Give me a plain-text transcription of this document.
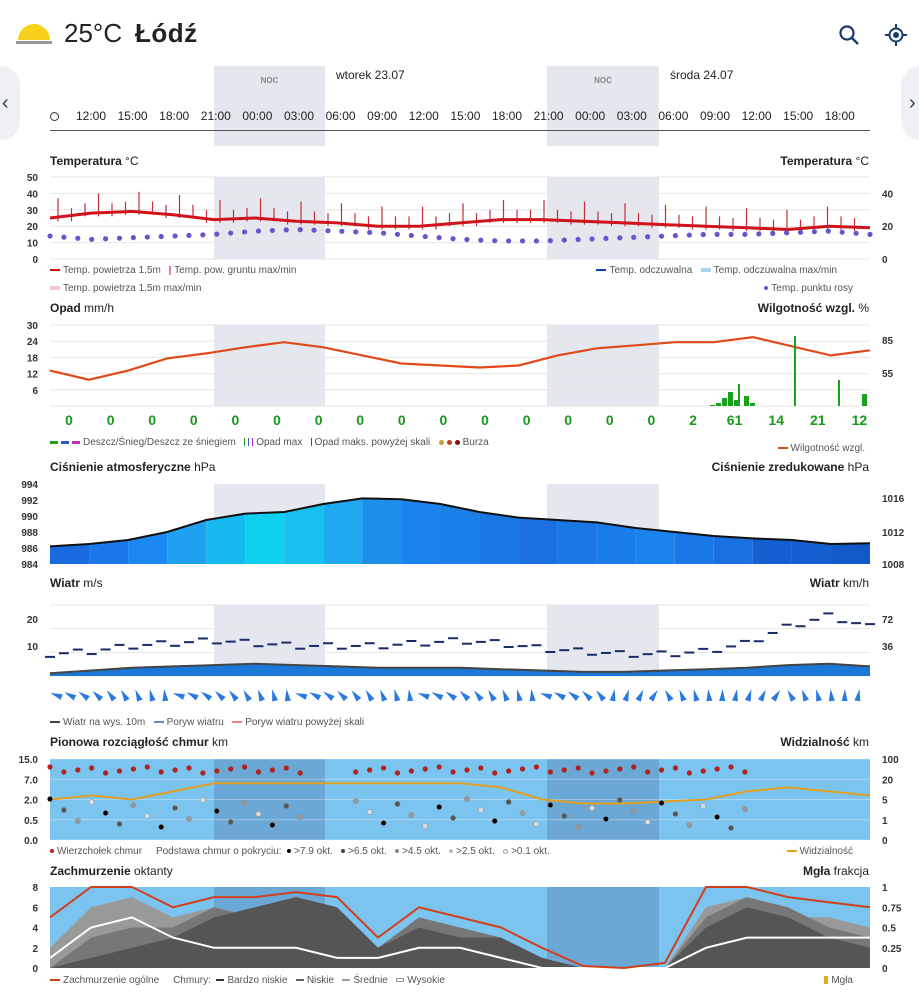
25°C Łódź
‹	›
NOC	NOC
wtorek 23.07	środa 24.07
12:00 15:00 18:00 21:00 00:00 03:00 06:00 09:00 12:00 15:00 18:00 21:00 00:00 03:00 06:00 09:00 12:00 15:00 18:00
Temperatura °C	Temperatura °C
Opad mm/h	Wilgotność wzgl. %
Ciśnienie atmosferyczne hPa	Ciśnienie zredukowane hPa
Wiatr m/s	Wiatr km/h
Pionowa rozciągłość chmur km	Widzialność km
Zachmurzenie oktanty	Mgła frakcja
50
40
30
20
10
0
40
20
0
30
24
18
12
6
85
55
0 0 0 0 0 0 0 0 0 0 0 0 0 0 0 2 61 14 21 12
994
992
990
988
986
984
1016
1012
1008
20
10
72
36
15.0
7.0
2.0
0.5
0.0
100
20
5
1
0
8
6
4
2
0
1
0.75
0.5
0.25
0
Temp. powietrza 1.5m Temp. pow. gruntu max/min	Temp. odczuwalna Temp. odczuwalna max/min
Temp. powietrza 1.5m max/min	Temp. punktu rosy
Deszcz/Śnieg/Deszcz ze śniegiem Opad max Opad maks. powyżej skali	Burza
Wilgotność wzgl.
Wiatr na wys. 10m Poryw wiatru Poryw wiatru powyżej skali
Wierzchołek chmur Podstawa chmur o pokryciu: >7.9 okt. >6.5 okt. >4.5 okt. >2.5 okt. >0.1 okt.	Widzialność
Zachmurzenie ogólne Chmury: Bardzo niskie Niskie Średnie Wysokie	Mgła
